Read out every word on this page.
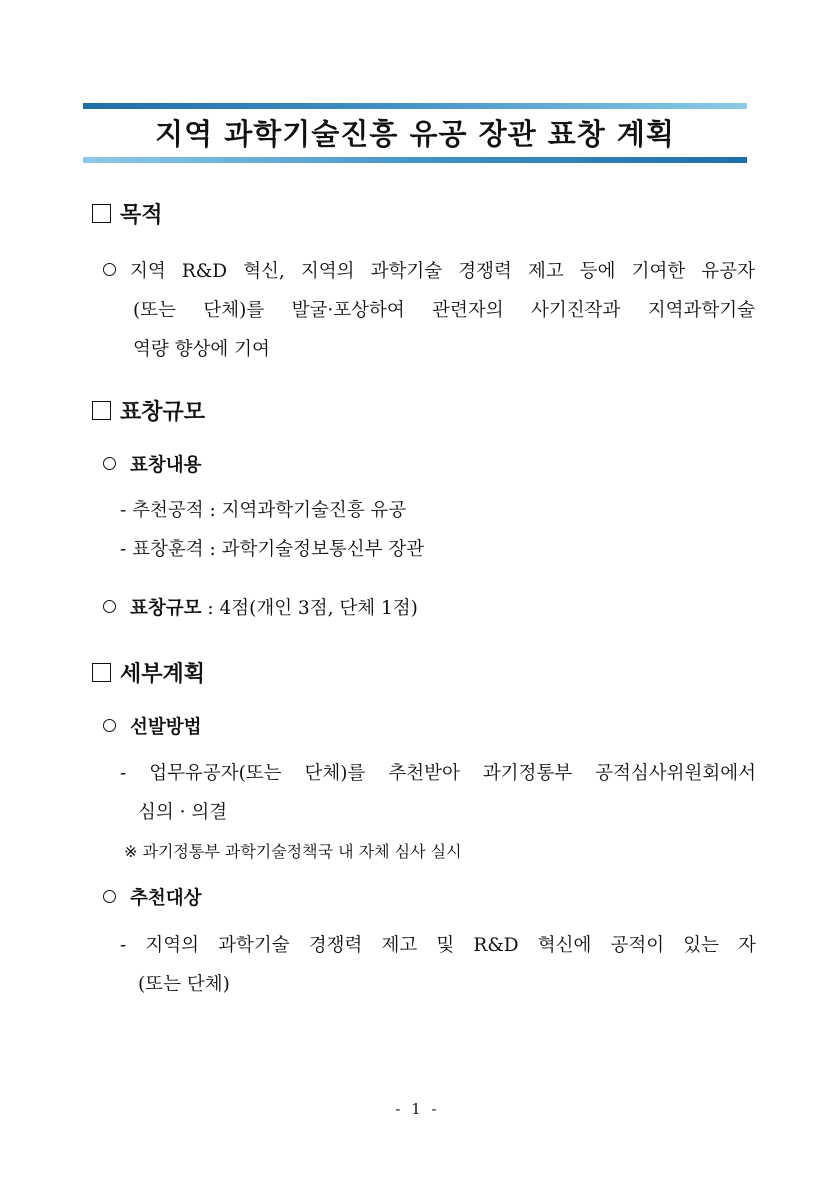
지역 과학기술진흥 유공 장관 표창 계획
목적
지역 R&D 혁신, 지역의 과학기술 경쟁력 제고 등에 기여한 유공자
(또는 단체)를 발굴·포상하여 관련자의 사기진작과 지역과학기술
역량 향상에 기여
표창규모
표창내용
- 추천공적 : 지역과학기술진흥 유공
- 표창훈격 : 과학기술정보통신부 장관
표창규모 : 4점(개인 3점, 단체 1점)
세부계획
선발방법
- 업무유공자(또는 단체)를 추천받아 과기정통부 공적심사위원회에서
심의 · 의결
※ 과기정통부 과학기술정책국 내 자체 심사 실시
추천대상
- 지역의 과학기술 경쟁력 제고 및 R&D 혁신에 공적이 있는 자
(또는 단체)
- 1 -
